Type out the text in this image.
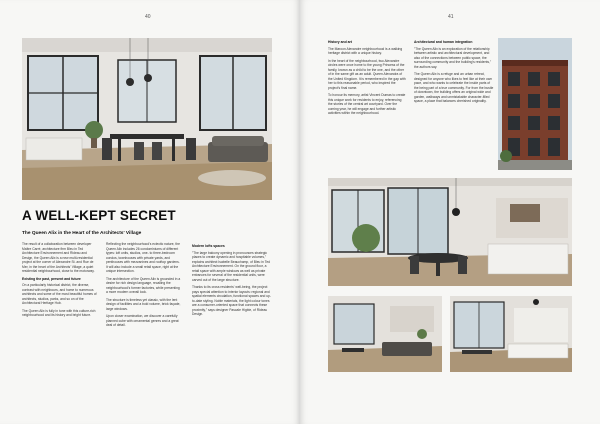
40
A WELL-KEPT SECRET
The Queen Alix in the Heart of the Architects' Village

The result of a collaboration between developer Maître Carré, architecture firm Bleu in Ted Architecture Environnement and Rideau and Design, the Queen Alix is a new multi-residential project at the corner of Alexandre St. and Rue de Mer, in the heart of the Architects' Village, a quiet residential neighbourhood, close to the motorway.

Existing the past, present and future

On a particularly historical district, the diverse, contrast with neighbours, and home to numerous architects and some of the most beautiful homes of architects, studios, parks, and so on of the Architectural Heritage Hub.

The Queen Alix is fully in tune with this culture-rich neighbourhood and its history and bright future.

Reflecting the neighbourhood's eclectic nature, the Queen Alix includes 26 condominiums of different types: loft units, studios, one- to three-bedroom condos, townhouses with private yards, and penthouses with mezzanines and rooftop gardens. It will also include a small retail space, right at the unique intersection.

The architecture of the Queen Alix is grounded in a desire for rich design language, recalling the neighbourhood's former factories, while presenting a more modern overall look.

The structure is timeless yet classic, with the lent design of facilities and a bold volume, brick façade, large windows.

Upon closer examination, we discover a carefully planned cube with ornamental genres and a great deal of detail.

Modern lofts spaces

"The large balcony opening in pronounces strategic places to create dynamic and hospitable volumes," explains architect Isabelle Beauchamp, of Bleu in Ted Architecture Environnement. On the ground floor, a retail space with ample windows as well as private entrances for several of the residential units, were carved out of the large structure.

Thanks to its cross residents' well-being, the project pays special attention to interior layouts: regional and spatial elements circulation, functional spaces and up-to-date styling. Noble materials, the light colour tones are a consumer-oriented space that connects these proximity," says designer Pascale Higbie, of Rideau Design.

41

History and art

The Maroon Alexandre neighbourhood is a walking heritage district with a unique history.

In the heart of the neighbourhood, two Alexandre circles were once home to the young Princess of the family, known as a child to be the one, and the other of in the same gift as an adult. Queen Alexandra of the United Kingdom. It is remembered in the gap with her to this reasonable period, who inspired the project's final name.

To honour its memory, artist Vincent Dumas to create this unique work for residents to enjoy, referencing the stories of the central art courtyard. Over the coming year, he will engage and further artistic activities within the neighbourhood.

Architectural and human integration

"The Queen Alix is an exploration of the relationship between artistic and architectural development, and also of the connections between public space, the surrounding community and the building's residents," the authors say.

The Queen Alix is a refuge and an urban retreat, designed for anyone who likes to feel like at their own pace, and who wants to celebrate the inside parts of the being part of a true community. For from the bustle of downtown, the building offers an original wide and garden, walkways and unmistakable character-filled space, a place that balances cherished originality.
